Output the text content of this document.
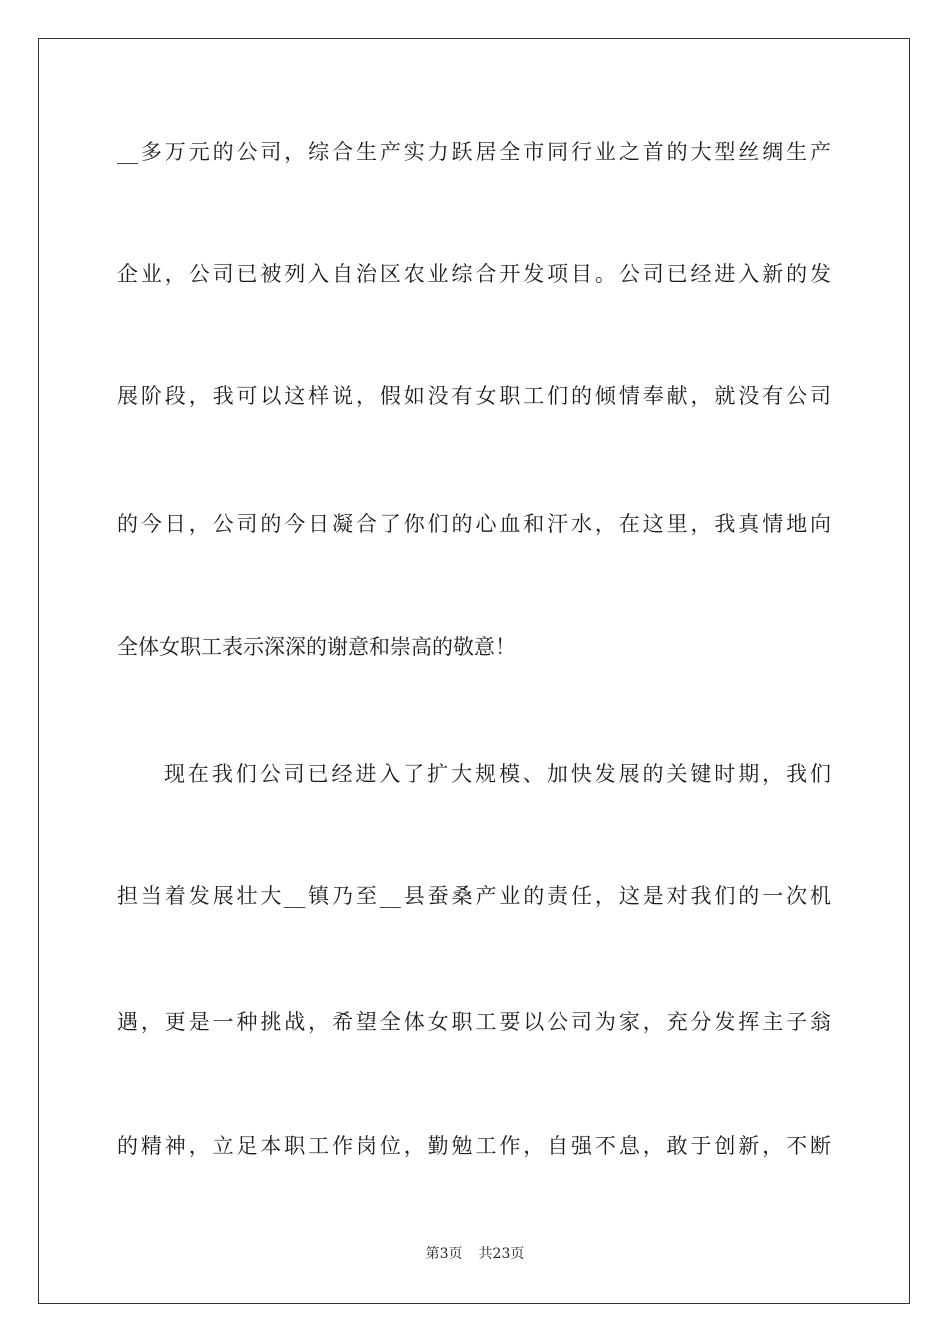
__多万元的公司，综合生产实力跃居全市同行业之首的大型丝绸生产
企业，公司已被列入自治区农业综合开发项目。公司已经进入新的发
展阶段，我可以这样说，假如没有女职工们的倾情奉献，就没有公司
的今日，公司的今日凝合了你们的心血和汗水，在这里，我真情地向
全体女职工表示深深的谢意和崇高的敬意！
现在我们公司已经进入了扩大规模、加快发展的关键时期，我们
担当着发展壮大__镇乃至__县蚕桑产业的责任，这是对我们的一次机
遇，更是一种挑战，希望全体女职工要以公司为家，充分发挥主子翁
的精神，立足本职工作岗位，勤勉工作，自强不息，敢于创新，不断
第3页 共23页
